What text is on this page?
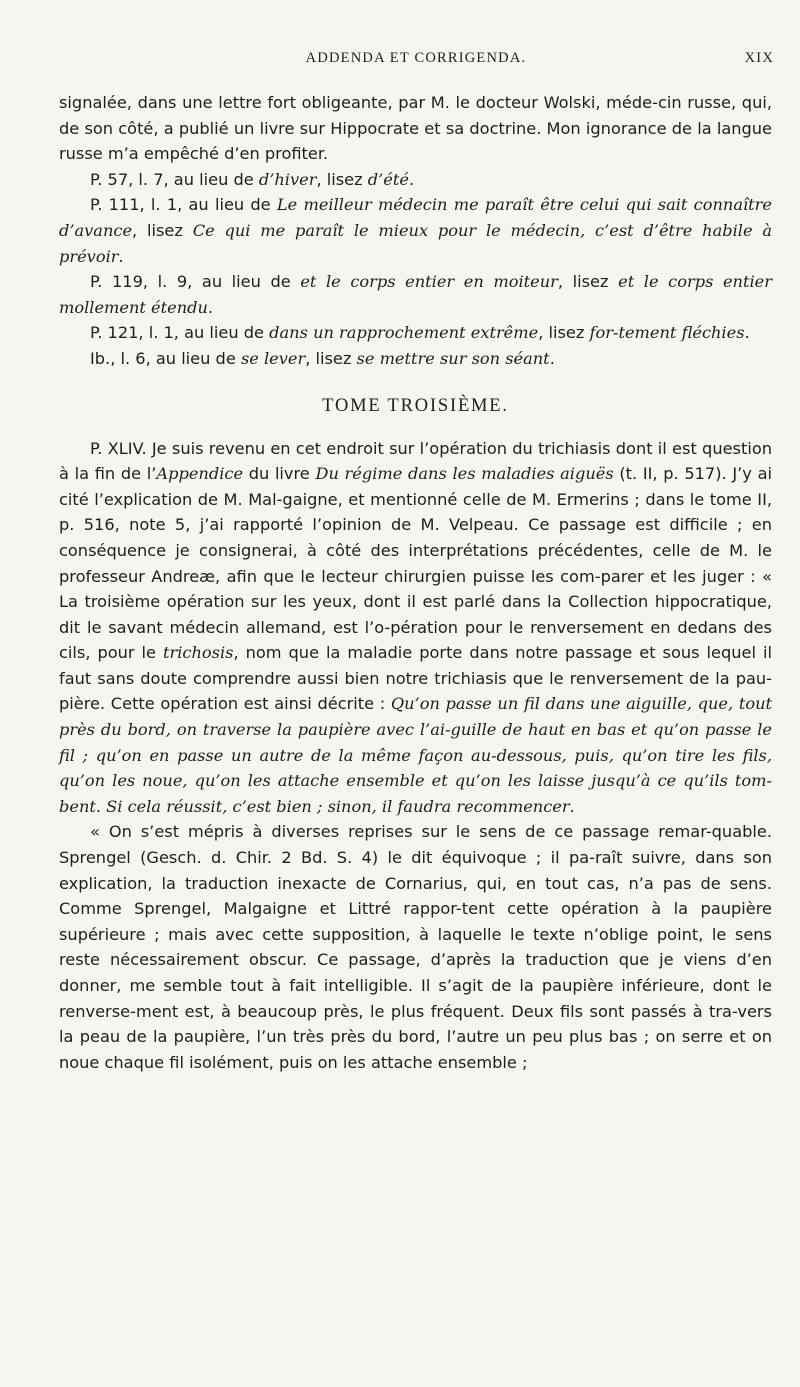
ADDENDA ET CORRIGENDA.	XIX

signalée, dans une lettre fort obligeante, par M. le docteur Wolski, méde-cin russe, qui, de son côté, a publié un livre sur Hippocrate et sa doctrine. Mon ignorance de la langue russe m’a empêché d’en profiter.

P. 57, l. 7, au lieu de d’hiver, lisez d’été.

P. 111, l. 1, au lieu de Le meilleur médecin me paraît être celui qui sait connaître d’avance, lisez Ce qui me paraît le mieux pour le médecin, c’est d’être habile à prévoir.

P. 119, l. 9, au lieu de et le corps entier en moiteur, lisez et le corps entier mollement étendu.

P. 121, l. 1, au lieu de dans un rapprochement extrême, lisez for-tement fléchies.

Ib., l. 6, au lieu de se lever, lisez se mettre sur son séant.

TOME TROISIÈME.

P. XLIV. Je suis revenu en cet endroit sur l’opération du trichiasis dont il est question à la fin de l’Appendice du livre Du régime dans les maladies aiguës (t. II, p. 517). J’y ai cité l’explication de M. Mal-gaigne, et mentionné celle de M. Ermerins ; dans le tome II, p. 516, note 5, j’ai rapporté l’opinion de M. Velpeau. Ce passage est difficile ; en conséquence je consignerai, à côté des interprétations précédentes, celle de M. le professeur Andreæ, afin que le lecteur chirurgien puisse les com-parer et les juger : « La troisième opération sur les yeux, dont il est parlé dans la Collection hippocratique, dit le savant médecin allemand, est l’o-pération pour le renversement en dedans des cils, pour le trichosis, nom que la maladie porte dans notre passage et sous lequel il faut sans doute comprendre aussi bien notre trichiasis que le renversement de la pau-pière. Cette opération est ainsi décrite : Qu’on passe un fil dans une aiguille, que, tout près du bord, on traverse la paupière avec l’ai-guille de haut en bas et qu’on passe le fil ; qu’on en passe un autre de la même façon au-dessous, puis, qu’on tire les fils, qu’on les noue, qu’on les attache ensemble et qu’on les laisse jusqu’à ce qu’ils tom-bent. Si cela réussit, c’est bien ; sinon, il faudra recommencer.

« On s’est mépris à diverses reprises sur le sens de ce passage remar-quable. Sprengel (Gesch. d. Chir. 2 Bd. S. 4) le dit équivoque ; il pa-raît suivre, dans son explication, la traduction inexacte de Cornarius, qui, en tout cas, n’a pas de sens. Comme Sprengel, Malgaigne et Littré rappor-tent cette opération à la paupière supérieure ; mais avec cette supposition, à laquelle le texte n’oblige point, le sens reste nécessairement obscur. Ce passage, d’après la traduction que je viens d’en donner, me semble tout à fait intelligible. Il s’agit de la paupière inférieure, dont le renverse-ment est, à beaucoup près, le plus fréquent. Deux fils sont passés à tra-vers la peau de la paupière, l’un très près du bord, l’autre un peu plus bas ; on serre et on noue chaque fil isolément, puis on les attache ensemble ;
